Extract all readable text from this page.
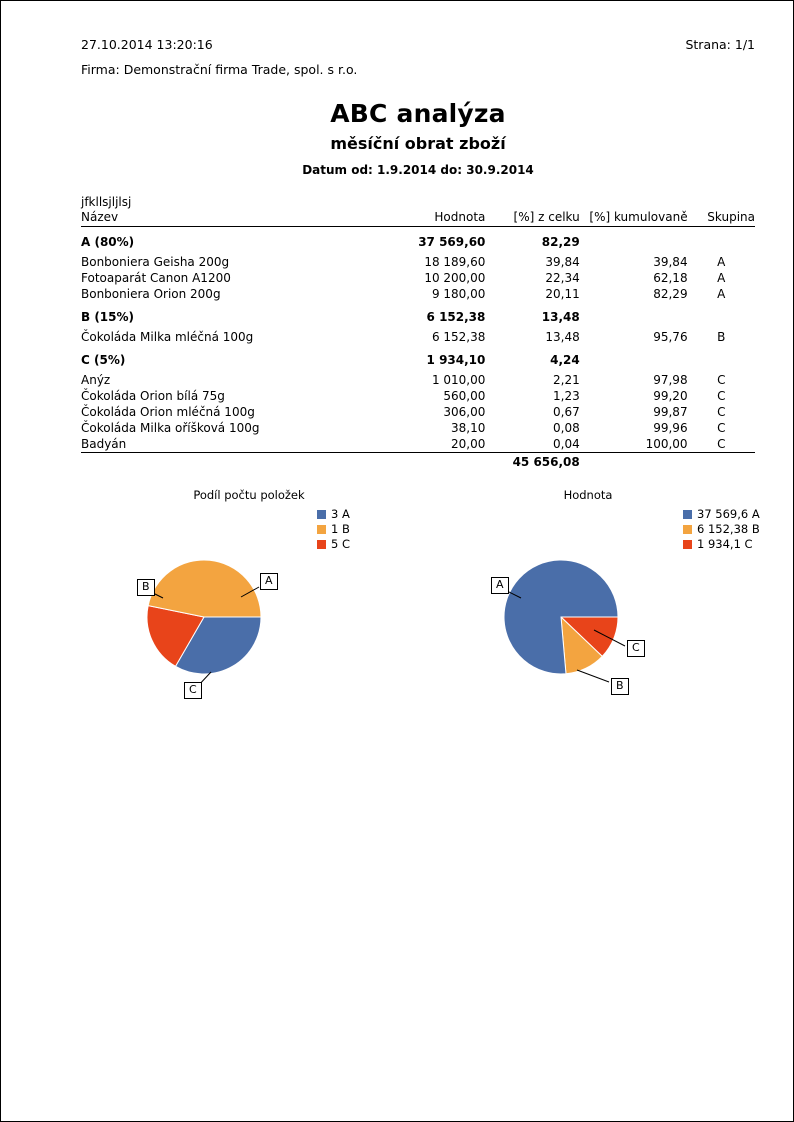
27.10.2014 13:20:16	Strana: 1/1
Firma: Demonstrační firma Trade, spol. s r.o.
ABC analýza
měsíční obrat zboží
Datum od: 1.9.2014 do: 30.9.2014
jfkllsjljlsj
Název	Hodnota	[%] z celku	[%] kumulovaně	Skupina
A (80%)	37 569,60	82,29		
Bonboniera Geisha 200g	18 189,60	39,84	39,84	A
Fotoaparát Canon A1200	10 200,00	22,34	62,18	A
Bonboniera Orion 200g	9 180,00	20,11	82,29	A
B (15%)	6 152,38	13,48		
Čokoláda Milka mléčná 100g	6 152,38	13,48	95,76	B
C (5%)	1 934,10	4,24		
Anýz	1 010,00	2,21	97,98	C
Čokoláda Orion bílá 75g	560,00	1,23	99,20	C
Čokoláda Orion mléčná 100g	306,00	0,67	99,87	C
Čokoláda Milka oříšková 100g	38,10	0,08	99,96	C
Badyán	20,00	0,04	100,00	C
	45 656,08			
Podíl počtu položek
3 A
1 B
5 C
A
B
C
Hodnota
37 569,6 A
6 152,38 B
1 934,1 C
A
B
C
